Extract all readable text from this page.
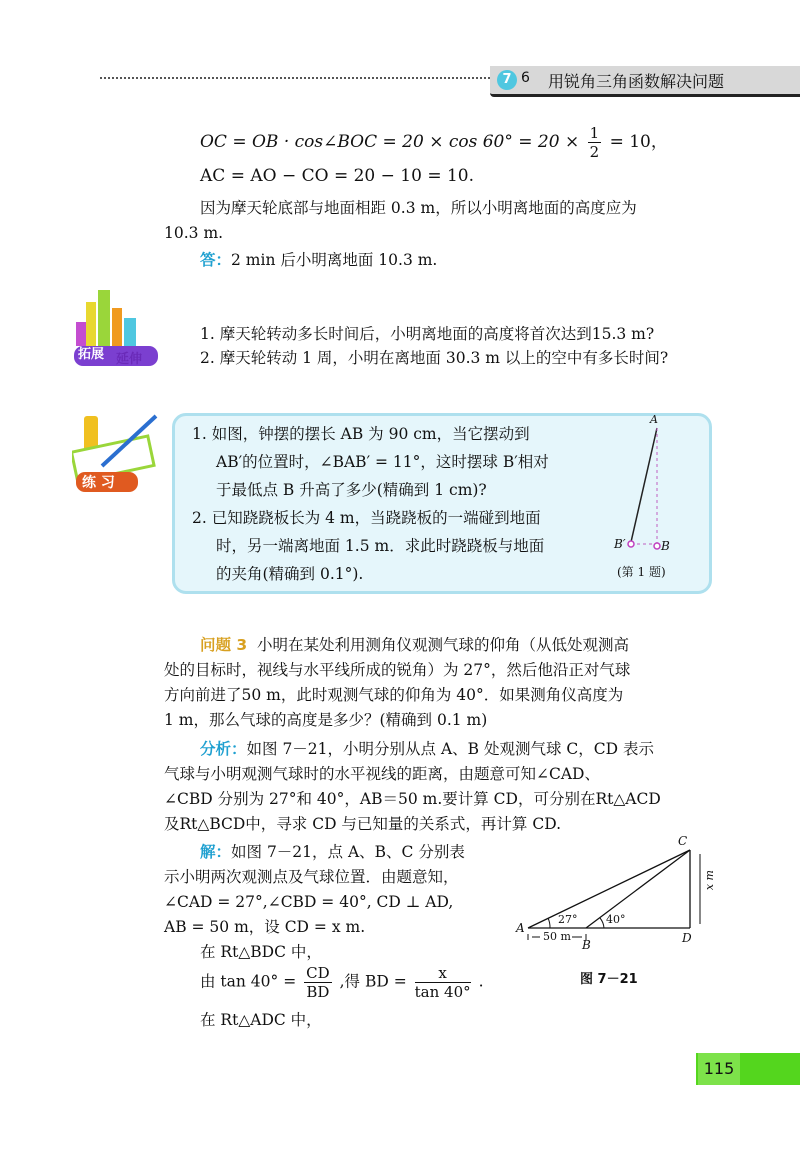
7 6 用锐角三角函数解决问题
OC = OB · cos∠BOC = $20 \times \cos 60^\circ = 20 \times \frac{1}{2} = 10$，
AC = AO − CO = 20 − 10 = 10.
因为摩天轮底部与地面相距 0.3 m，所以小明离地面的高度应为
10.3 m.
答：2 min 后小明离地面 10.3 m.
拓展 延伸
1. 摩天轮转动多长时间后，小明离地面的高度将首次达到15.3 m?
2. 摩天轮转动 1 周，小明在离地面 30.3 m 以上的空中有多长时间?
练 习
1. 如图，钟摆的摆长 AB 为 90 cm，当它摆动到
AB′的位置时，∠BAB′ = 11°，这时摆球 B′相对
于最低点 B 升高了多少(精确到 1 cm)?
2. 已知跷跷板长为 4 m，当跷跷板的一端碰到地面
时，另一端离地面 1.5 m．求此时跷跷板与地面
的夹角(精确到 0.1°).
A
B′	B
(第 1 题)
问题 3 小明在某处利用测角仪观测气球的仰角（从低处观测高
处的目标时，视线与水平线所成的锐角）为 27°，然后他沿正对气球
方向前进了50 m，此时观测气球的仰角为 40°．如果测角仪高度为
1 m，那么气球的高度是多少？(精确到 0.1 m)
分析：如图 7－21，小明分别从点 A、B 处观测气球 C，CD 表示
气球与小明观测气球时的水平视线的距离，由题意可知∠CAD、
∠CBD 分别为 27°和 40°，AB＝50 m.要计算 CD，可分别在Rt△ACD
及Rt△BCD中，寻求 CD 与已知量的关系式，再计算 CD.
解：如图 7－21，点 A、B、C 分别表
示小明两次观测点及气球位置．由题意知，
∠CAD = 27°,∠CBD = 40°, CD ⊥ AD,
AB = 50 m，设 CD = x m.
在 Rt△BDC 中，
由 $\tan 40^\circ = \frac{CD}{BD}$ ,得 BD = $\frac{x}{\tan 40^\circ}$ .
在 Rt△ADC 中，
C
A
B	D
27°	40°
50 m
x m
图 7－21
115
